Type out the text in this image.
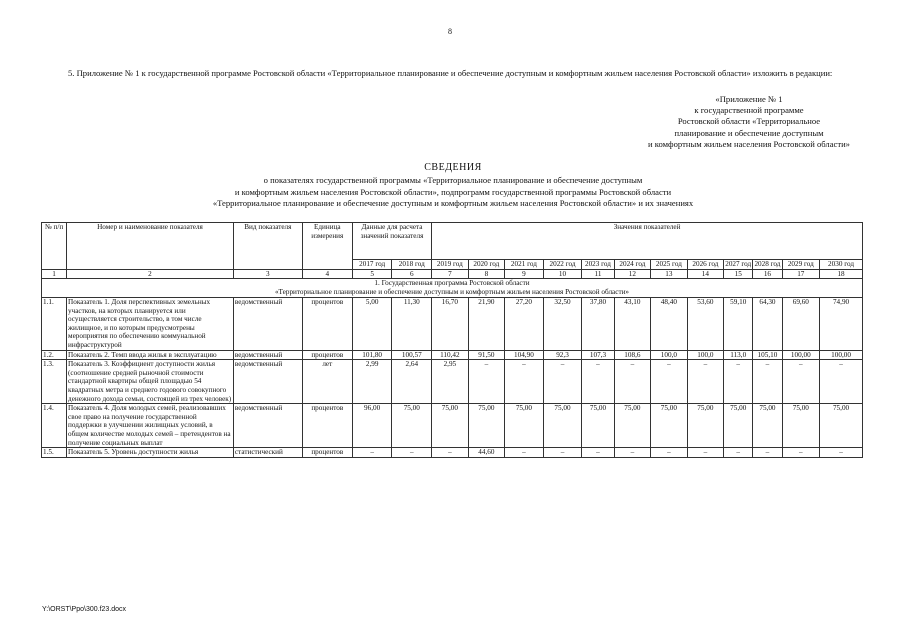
8
5. Приложение № 1 к государственной программе Ростовской области «Территориальное планирование и обеспечение доступным и комфортным жильем населения Ростовской области» изложить в редакции:
«Приложение № 1
к государственной программе
Ростовской области «Территориальное
планирование и обеспечение доступным
и комфортным жильем населения Ростовской области»
СВЕДЕНИЯ
о показателях государственной программы «Территориальное планирование и обеспечение доступным
и комфортным жильем населения Ростовской области», подпрограмм государственной программы Ростовской области
«Территориальное планирование и обеспечение доступным и комфортным жильем населения Ростовской области» и их значениях
№ п/п	Номер и наименование показателя	Вид показателя	Единица измерения	Данные для расчета значений показателя		Значения показателей											
				2017 год	2018 год	2019 год	2020 год	2021 год	2022 год	2023 год	2024 год	2025 год	2026 год	2027 год	2028 год	2029 год	2030 год
1	2	3	4	5	6	7	8	9	10	11	12	13	14	15	16	17	18

1. Государственная программа Ростовской области
«Территориальное планирование и обеспечение доступным и комфортным жильем населения Ростовской области»																	

1.1.	Показатель 1. Доля перспективных земельных участков, на которых планируется или осуществляется строительство, в том числе жилищное, и по которым предусмотрены мероприятия по обеспечению коммунальной инфраструктурой	ведомственный	процентов	5,00	11,30	16,70	21,90	27,20	32,50	37,80	43,10	48,40	53,60	59,10	64,30	69,60	74,90
1.2.	Показатель 2. Темп ввода жилья в эксплуатацию	ведомственный	процентов	101,80	100,57	110,42	91,50	104,90	92,3	107,3	108,6	100,0	100,0	113,0	105,10	100,00	100,00
1.3.	Показатель 3. Коэффициент доступности жилья (соотношение средней рыночной стоимости стандартной квартиры общей площадью 54 квадратных метра и среднего годового совокупного денежного дохода семьи, состоящей из трех человек)	ведомственный	лет	2,99	2,64	2,95	–	–	–	–	–	–	–	–	–	–	–
1.4.	Показатель 4. Доля молодых семей, реализовавших свое право на получение государственной поддержки в улучшении жилищных условий, в общем количестве молодых семей – претендентов на получение социальных выплат	ведомственный	процентов	96,00	75,00	75,00	75,00	75,00	75,00	75,00	75,00	75,00	75,00	75,00	75,00	75,00	75,00
1.5.	Показатель 5. Уровень доступности жилья	статистический	процентов	–	–	–	44,60	–	–	–	–	–	–	–	–	–	–
Y:\ORST\Ppo\300.f23.docx
